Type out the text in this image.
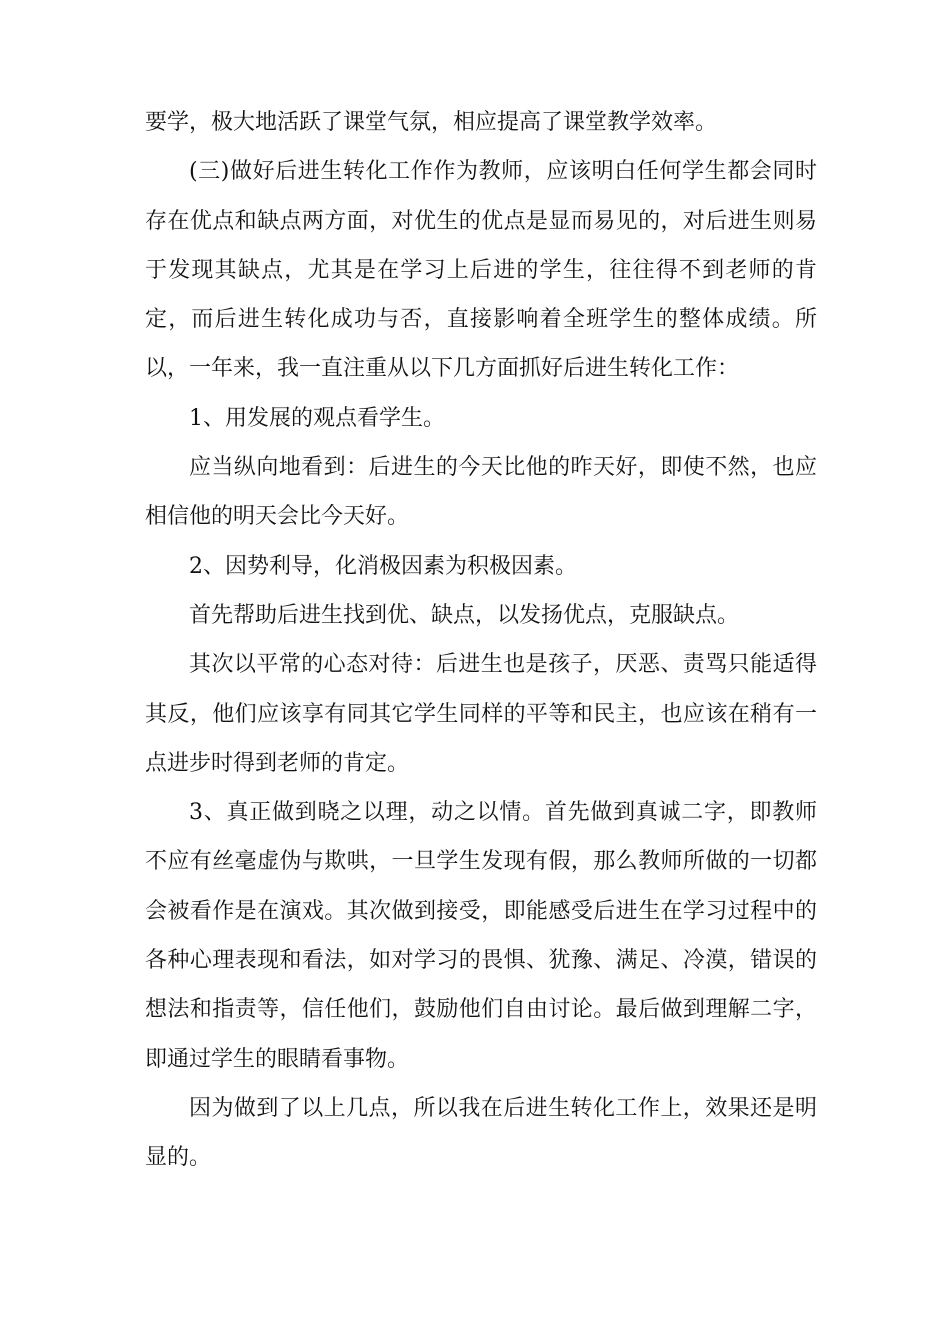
要学，极大地活跃了课堂气氛，相应提高了课堂教学效率。

(三)做好后进生转化工作作为教师，应该明白任何学生都会同时存在优点和缺点两方面，对优生的优点是显而易见的，对后进生则易于发现其缺点，尤其是在学习上后进的学生，往往得不到老师的肯定，而后进生转化成功与否，直接影响着全班学生的整体成绩。所以，一年来，我一直注重从以下几方面抓好后进生转化工作：

1、用发展的观点看学生。

应当纵向地看到：后进生的今天比他的昨天好，即使不然，也应相信他的明天会比今天好。

2、因势利导，化消极因素为积极因素。

首先帮助后进生找到优、缺点，以发扬优点，克服缺点。

其次以平常的心态对待：后进生也是孩子，厌恶、责骂只能适得其反，他们应该享有同其它学生同样的平等和民主，也应该在稍有一点进步时得到老师的肯定。

3、真正做到晓之以理，动之以情。首先做到真诚二字，即教师不应有丝毫虚伪与欺哄，一旦学生发现有假，那么教师所做的一切都会被看作是在演戏。其次做到接受，即能感受后进生在学习过程中的各种心理表现和看法，如对学习的畏惧、犹豫、满足、冷漠，错误的想法和指责等，信任他们，鼓励他们自由讨论。最后做到理解二字，即通过学生的眼睛看事物。

因为做到了以上几点，所以我在后进生转化工作上，效果还是明显的。
